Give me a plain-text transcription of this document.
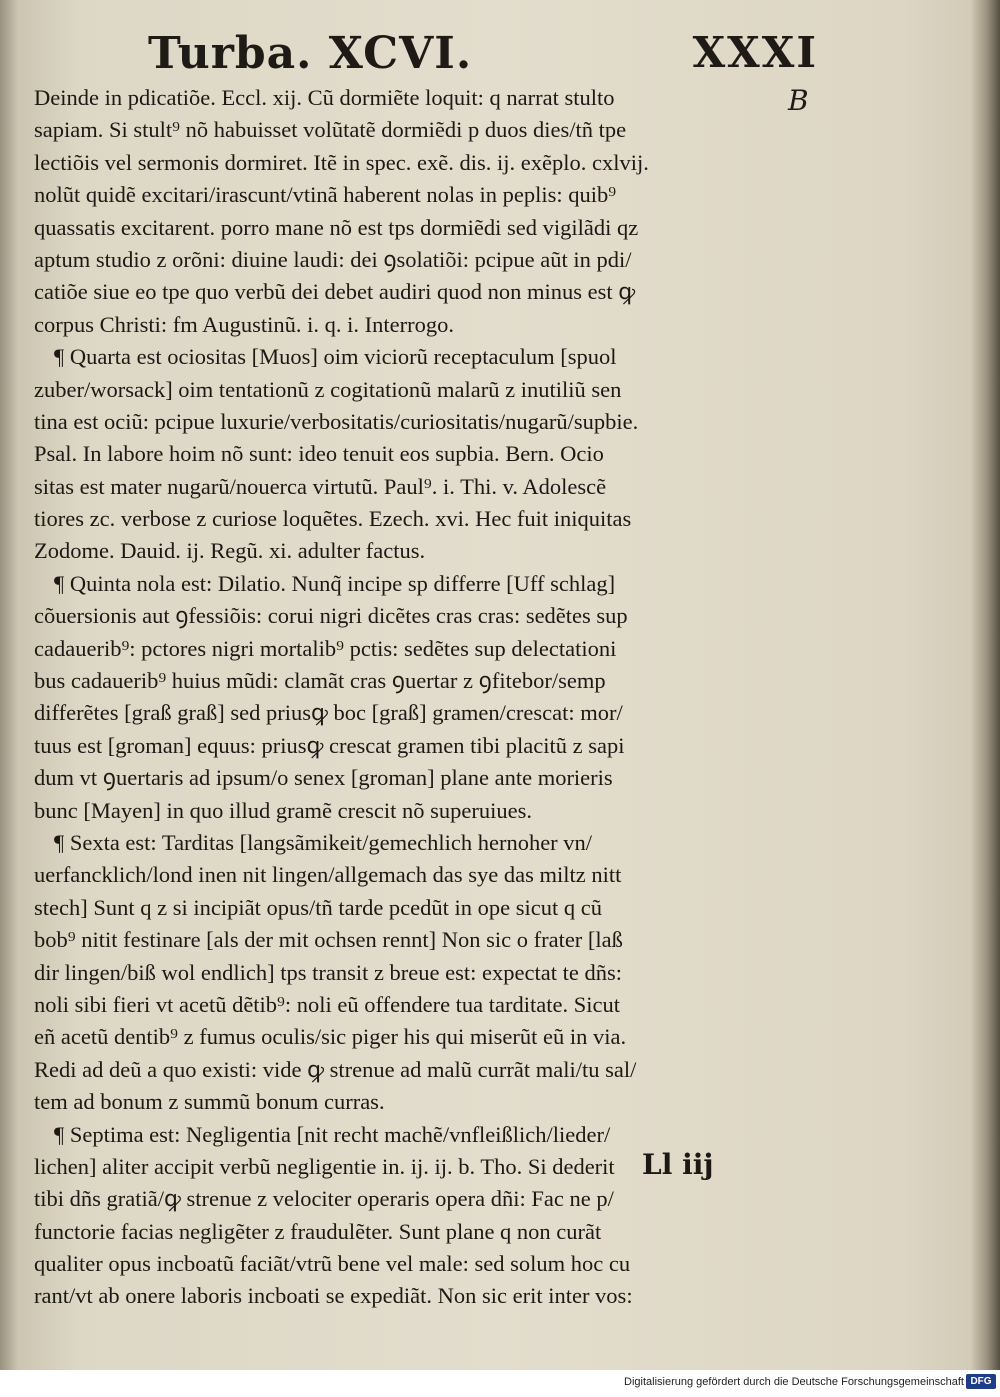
Turba. XCVI.	XXXI
B
Deinde in pdicatiõe. Eccl. xij. Cũ dormiẽte loquit: q narrat stulto
sapiam. Si stult⁹ nõ habuisset volũtatẽ dormiẽdi p duos dies/tñ tpe
lectiõis vel sermonis dormiret. Itẽ in spec. exẽ. dis. ij. exẽplo. cxlvij.
nolũt quidẽ excitari/irascunt/vtinã haberent nolas in peplis: quib⁹
quassatis excitarent. porro mane nõ est tps dormiẽdi sed vigilãdi qz
aptum studio z orõni: diuine laudi: dei ꝯsolatiõi: pcipue aũt in pdi/
catiõe siue eo tpe quo verbũ dei debet audiri quod non minus est ꝙ
corpus Christi: fm Augustinũ. i. q. i. Interrogo.
¶ Quarta est ociositas [Muos] oim viciorũ receptaculum [spuol
zuber/worsack] oim tentationũ z cogitationũ malarũ z inutiliũ sen
tina est ociũ: pcipue luxurie/verbositatis/curiositatis/nugarũ/supbie.
Psal. In labore hoim nõ sunt: ideo tenuit eos supbia. Bern. Ocio
sitas est mater nugarũ/nouerca virtutũ. Paul⁹. i. Thi. v. Adolescẽ
tiores zc. verbose z curiose loquẽtes. Ezech. xvi. Hec fuit iniquitas
Zodome. Dauid. ij. Regũ. xi. adulter factus.
¶ Quinta nola est: Dilatio. Nunq̃ incipe sp differre [Uff schlag]
cõuersionis aut ꝯfessiõis: corui nigri dicẽtes cras cras: sedẽtes sup
cadauerib⁹: pctores nigri mortalib⁹ pctis: sedẽtes sup delectationi
bus cadauerib⁹ huius mũdi: clamãt cras ꝯuertar z ꝯfitebor/semp
differẽtes [graß graß] sed priusꝙ boc [graß] gramen/crescat: mor/
tuus est [groman] equus: priusꝙ crescat gramen tibi placitũ z sapi
dum vt ꝯuertaris ad ipsum/o senex [groman] plane ante morieris
bunc [Mayen] in quo illud gramẽ crescit nõ superuiues.
¶ Sexta est: Tarditas [langsãmikeit/gemechlich hernoher vn/
uerfancklich/lond inen nit lingen/allgemach das sye das miltz nitt
stech] Sunt q z si incipiãt opus/tñ tarde pcedũt in ope sicut q cũ
bob⁹ nitit festinare [als der mit ochsen rennt] Non sic o frater [laß
dir lingen/biß wol endlich] tps transit z breue est: expectat te dñs:
noli sibi fieri vt acetũ dẽtib⁹: noli eũ offendere tua tarditate. Sicut
eñ acetũ dentib⁹ z fumus oculis/sic piger his qui miserũt eũ in via.
Redi ad deũ a quo existi: vide ꝙ strenue ad malũ currãt mali/tu sal/
tem ad bonum z summũ bonum curras.
¶ Septima est: Negligentia [nit recht machẽ/vnfleißlich/lieder/
lichen] aliter accipit verbũ negligentie in. ij. ij. b. Tho. Si dederit
tibi dñs gratiã/ꝙ strenue z velociter operaris opera dñi: Fac ne p/
functorie facias negligẽter z fraudulẽter. Sunt plane q non curãt
qualiter opus incboatũ faciãt/vtrũ bene vel male: sed solum hoc cu
rant/vt ab onere laboris incboati se expediãt. Non sic erit inter vos:
Ll iij
Digitalisierung gefördert durch die Deutsche Forschungsgemeinschaft DFG
